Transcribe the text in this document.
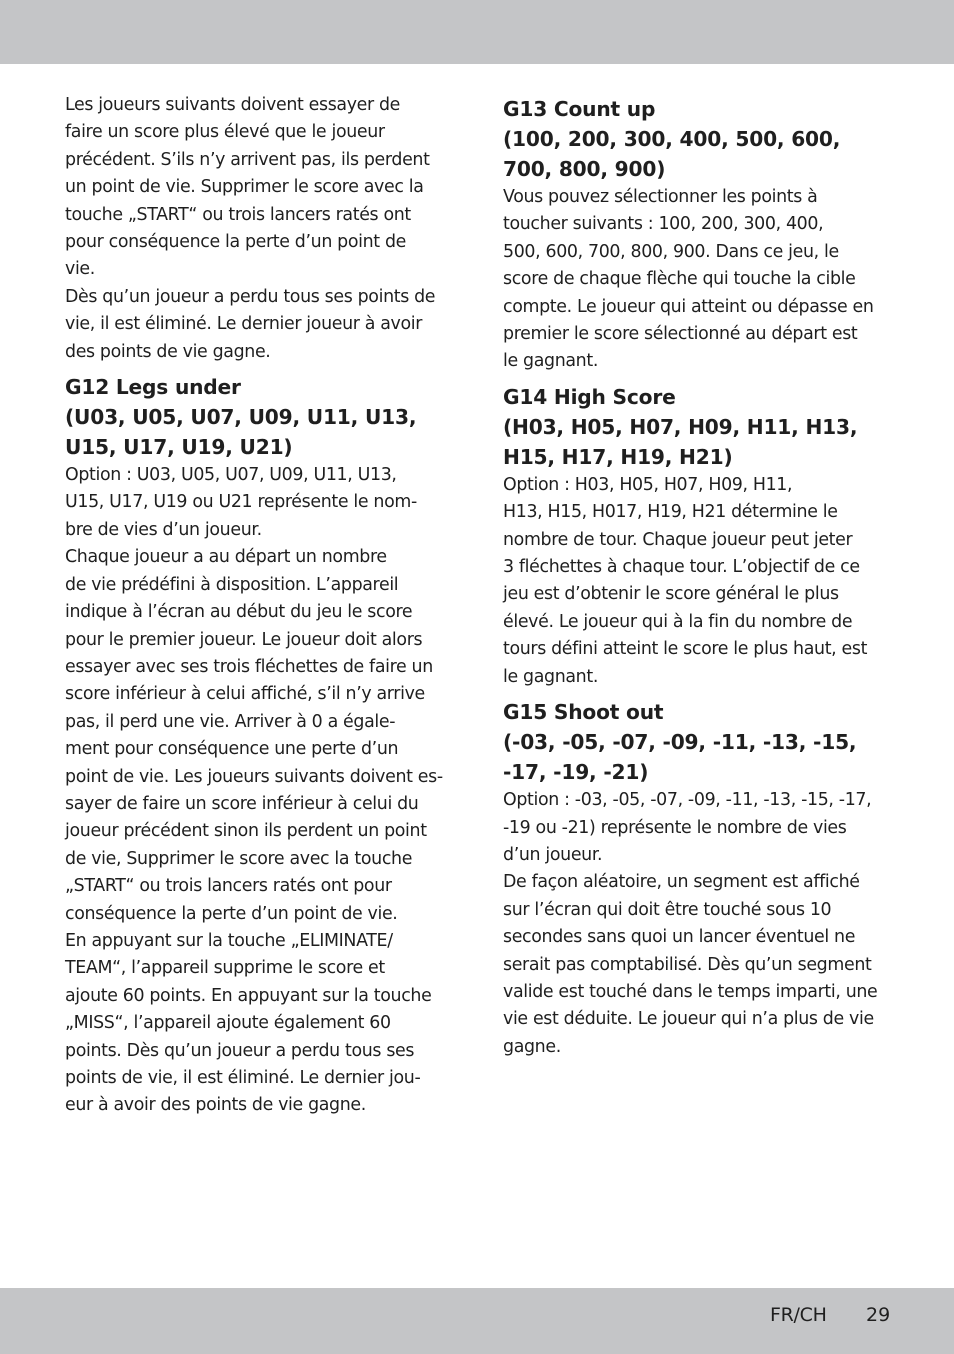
Les joueurs suivants doivent essayer de
faire un score plus élevé que le joueur
précédent. S’ils n’y arrivent pas, ils perdent
un point de vie. Supprimer le score avec la
touche „START“ ou trois lancers ratés ont
pour conséquence la perte d’un point de
vie.

Dès qu’un joueur a perdu tous ses points de
vie, il est éliminé. Le dernier joueur à avoir
des points de vie gagne.

G12 Legs under
(U03, U05, U07, U09, U11, U13,
U15, U17, U19, U21)

Option : U03, U05, U07, U09, U11, U13,
U15, U17, U19 ou U21 représente le nom-
bre de vies d’un joueur.

Chaque joueur a au départ un nombre
de vie prédéfini à disposition. L’appareil
indique à l’écran au début du jeu le score
pour le premier joueur. Le joueur doit alors
essayer avec ses trois fléchettes de faire un
score inférieur à celui affiché, s’il n’y arrive
pas, il perd une vie. Arriver à 0 a égale-
ment pour conséquence une perte d’un
point de vie. Les joueurs suivants doivent es-
sayer de faire un score inférieur à celui du
joueur précédent sinon ils perdent un point
de vie, Supprimer le score avec la touche
„START“ ou trois lancers ratés ont pour
conséquence la perte d’un point de vie.

En appuyant sur la touche „ELIMINATE/
TEAM“, l’appareil supprime le score et
ajoute 60 points. En appuyant sur la touche
„MISS“, l’appareil ajoute également 60
points. Dès qu’un joueur a perdu tous ses
points de vie, il est éliminé. Le dernier jou-
eur à avoir des points de vie gagne.

G13 Count up
(100, 200, 300, 400, 500, 600,
700, 800, 900)

Vous pouvez sélectionner les points à
toucher suivants : 100, 200, 300, 400,
500, 600, 700, 800, 900. Dans ce jeu, le
score de chaque flèche qui touche la cible
compte. Le joueur qui atteint ou dépasse en
premier le score sélectionné au départ est
le gagnant.

G14 High Score
(H03, H05, H07, H09, H11, H13,
H15, H17, H19, H21)

Option : H03, H05, H07, H09, H11,
H13, H15, H017, H19, H21 détermine le
nombre de tour. Chaque joueur peut jeter
3 fléchettes à chaque tour. L’objectif de ce
jeu est d’obtenir le score général le plus
élevé. Le joueur qui à la fin du nombre de
tours défini atteint le score le plus haut, est
le gagnant.

G15 Shoot out
(-03, -05, -07, -09, -11, -13, -15,
-17, -19, -21)

Option : -03, -05, -07, -09, -11, -13, -15, -17,
-19 ou -21) représente le nombre de vies
d’un joueur.

De façon aléatoire, un segment est affiché
sur l’écran qui doit être touché sous 10
secondes sans quoi un lancer éventuel ne
serait pas comptabilisé. Dès qu’un segment
valide est touché dans le temps imparti, une
vie est déduite. Le joueur qui n’a plus de vie
gagne.

FR/CH 29
